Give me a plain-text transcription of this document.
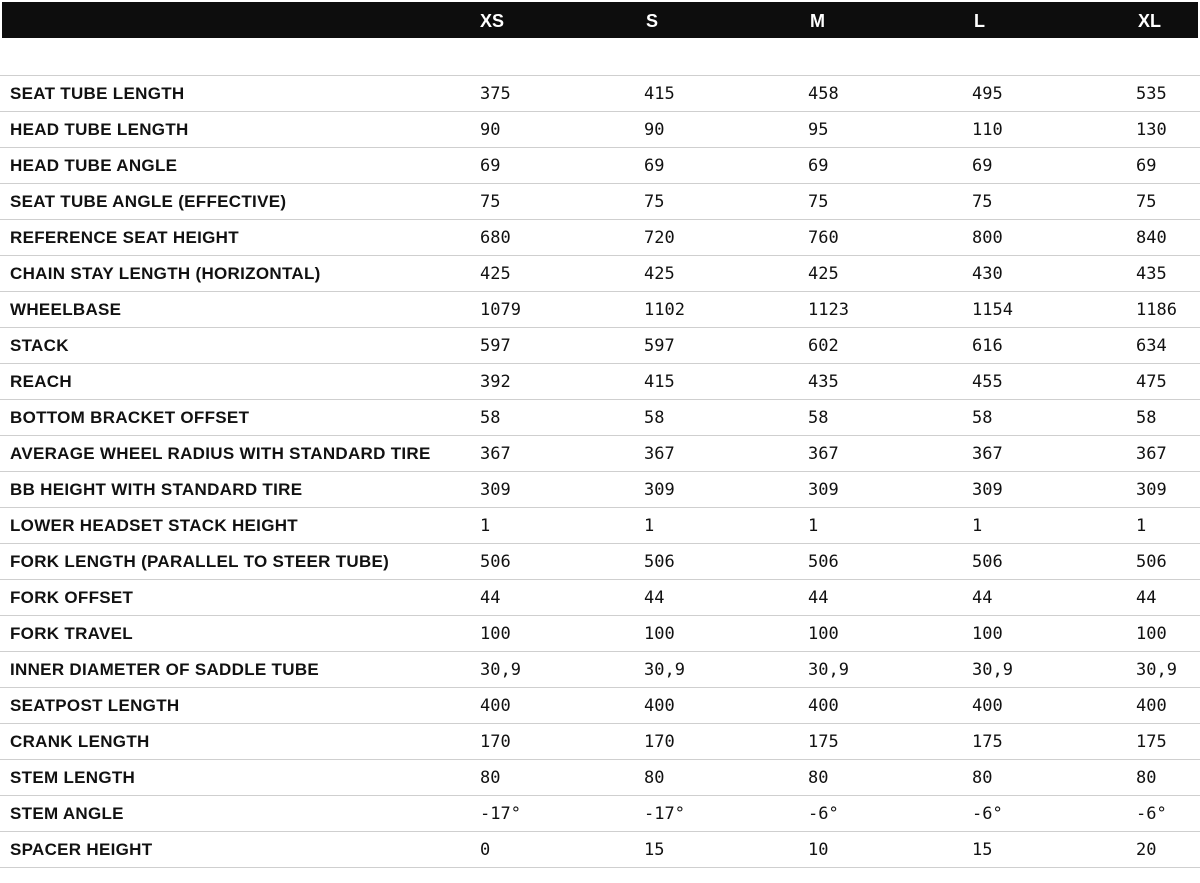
XS	S	M	L	XL
SEAT TUBE LENGTH	375	415	458	495	535
HEAD TUBE LENGTH	90	90	95	110	130
HEAD TUBE ANGLE	69	69	69	69	69
SEAT TUBE ANGLE (EFFECTIVE)	75	75	75	75	75
REFERENCE SEAT HEIGHT	680	720	760	800	840
CHAIN STAY LENGTH (HORIZONTAL)	425	425	425	430	435
WHEELBASE	1079	1102	1123	1154	1186
STACK	597	597	602	616	634
REACH	392	415	435	455	475
BOTTOM BRACKET OFFSET	58	58	58	58	58
AVERAGE WHEEL RADIUS WITH STANDARD TIRE	367	367	367	367	367
BB HEIGHT WITH STANDARD TIRE	309	309	309	309	309
LOWER HEADSET STACK HEIGHT	1	1	1	1	1
FORK LENGTH (PARALLEL TO STEER TUBE)	506	506	506	506	506
FORK OFFSET	44	44	44	44	44
FORK TRAVEL	100	100	100	100	100
INNER DIAMETER OF SADDLE TUBE	30,9	30,9	30,9	30,9	30,9
SEATPOST LENGTH	400	400	400	400	400
CRANK LENGTH	170	170	175	175	175
STEM LENGTH	80	80	80	80	80
STEM ANGLE	-17°	-17°	-6°	-6°	-6°
SPACER HEIGHT	0	15	10	15	20
